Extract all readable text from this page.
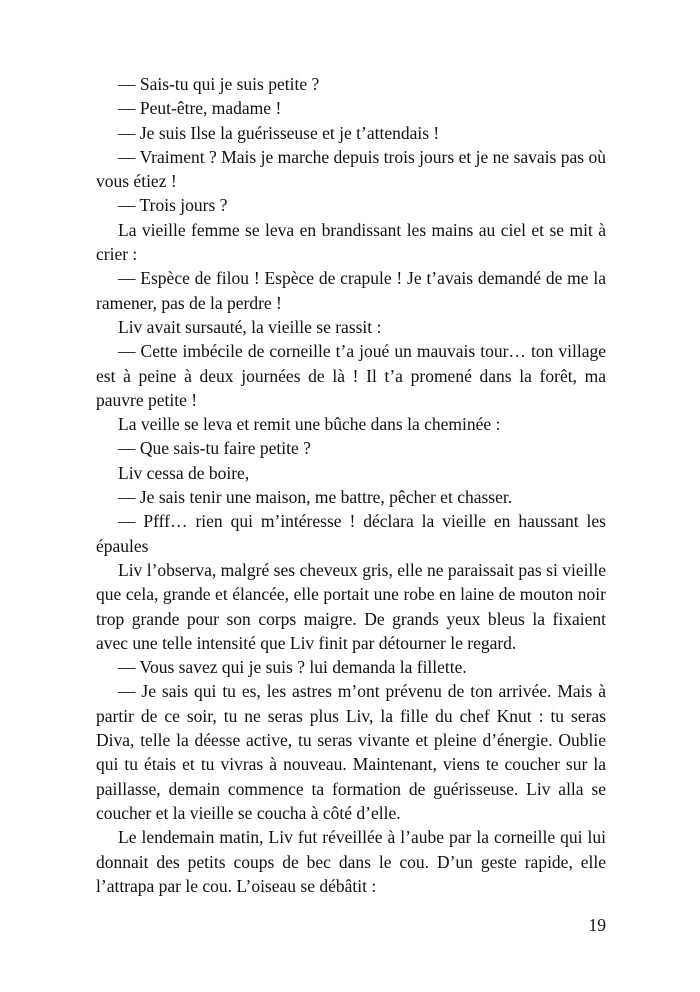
— Sais-tu qui je suis petite ?

— Peut-être, madame !

— Je suis Ilse la guérisseuse et je t’attendais !

— Vraiment ? Mais je marche depuis trois jours et je ne savais pas où vous étiez !

— Trois jours ?

La vieille femme se leva en brandissant les mains au ciel et se mit à crier :

— Espèce de filou ! Espèce de crapule ! Je t’avais demandé de me la ramener, pas de la perdre !

Liv avait sursauté, la vieille se rassit :

— Cette imbécile de corneille t’a joué un mauvais tour… ton village est à peine à deux journées de là ! Il t’a promené dans la forêt, ma pauvre petite !

La veille se leva et remit une bûche dans la cheminée :

— Que sais-tu faire petite ?

Liv cessa de boire,

— Je sais tenir une maison, me battre, pêcher et chasser.

— Pfff… rien qui m’intéresse ! déclara la vieille en haussant les épaules

Liv l’observa, malgré ses cheveux gris, elle ne paraissait pas si vieille que cela, grande et élancée, elle portait une robe en laine de mouton noir trop grande pour son corps maigre. De grands yeux bleus la fixaient avec une telle intensité que Liv finit par détourner le regard.

— Vous savez qui je suis ? lui demanda la fillette.

— Je sais qui tu es, les astres m’ont prévenu de ton arrivée. Mais à partir de ce soir, tu ne seras plus Liv, la fille du chef Knut : tu seras Diva, telle la déesse active, tu seras vivante et pleine d’énergie. Oublie qui tu étais et tu vivras à nouveau. Maintenant, viens te coucher sur la paillasse, demain commence ta formation de guérisseuse. Liv alla se coucher et la vieille se coucha à côté d’elle.

Le lendemain matin, Liv fut réveillée à l’aube par la corneille qui lui donnait des petits coups de bec dans le cou. D’un geste rapide, elle l’attrapa par le cou. L’oiseau se débâtit :

19
